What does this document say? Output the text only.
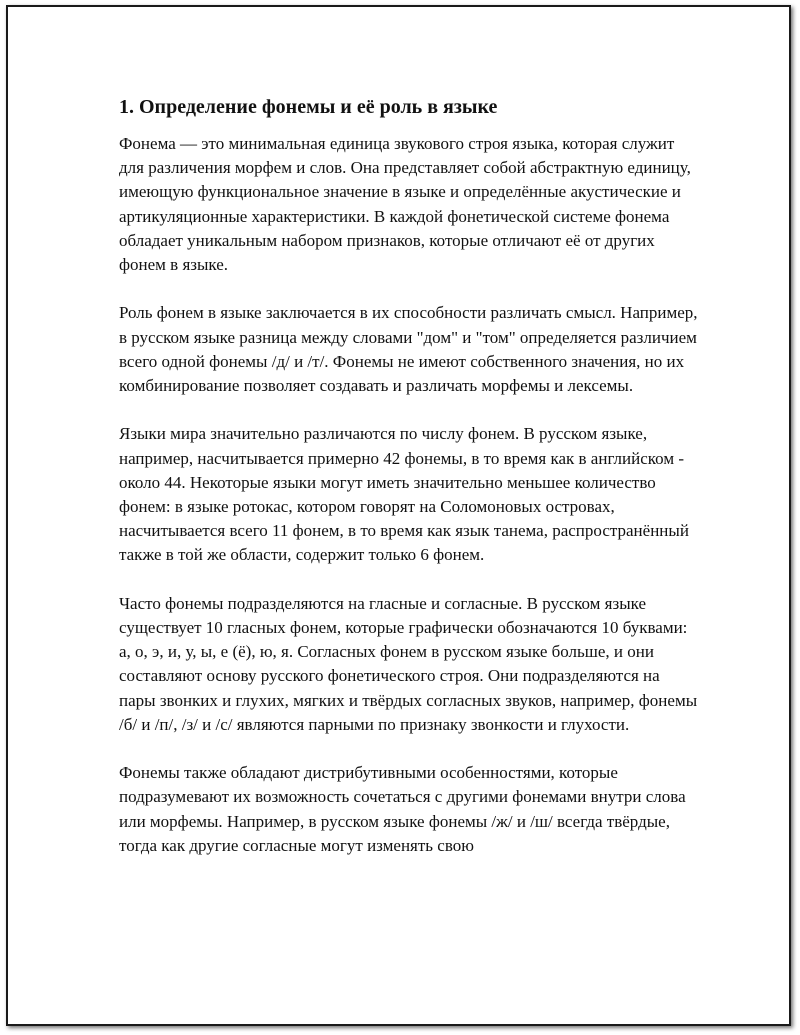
1. Определение фонемы и её роль в языке

Фонема — это минимальная единица звукового строя языка, которая служит для различения морфем и слов. Она представляет собой абстрактную единицу, имеющую функциональное значение в языке и определённые акустические и артикуляционные характеристики. В каждой фонетической системе фонема обладает уникальным набором признаков, которые отличают её от других фонем в языке.

Роль фонем в языке заключается в их способности различать смысл. Например, в русском языке разница между словами "дом" и "том" определяется различием всего одной фонемы /д/ и /т/. Фонемы не имеют собственного значения, но их комбинирование позволяет создавать и различать морфемы и лексемы.

Языки мира значительно различаются по числу фонем. В русском языке, например, насчитывается примерно 42 фонемы, в то время как в английском - около 44. Некоторые языки могут иметь значительно меньшее количество фонем: в языке ротокас, котором говорят на Соломоновых островах, насчитывается всего 11 фонем, в то время как язык танема, распространённый также в той же области, содержит только 6 фонем.

Часто фонемы подразделяются на гласные и согласные. В русском языке существует 10 гласных фонем, которые графически обозначаются 10 буквами: а, о, э, и, у, ы, е (ё), ю, я. Согласных фонем в русском языке больше, и они составляют основу русского фонетического строя. Они подразделяются на пары звонких и глухих, мягких и твёрдых согласных звуков, например, фонемы /б/ и /п/, /з/ и /с/ являются парными по признаку звонкости и глухости.

Фонемы также обладают дистрибутивными особенностями, которые подразумевают их возможность сочетаться с другими фонемами внутри слова или морфемы. Например, в русском языке фонемы /ж/ и /ш/ всегда твёрдые, тогда как другие согласные могут изменять свою
